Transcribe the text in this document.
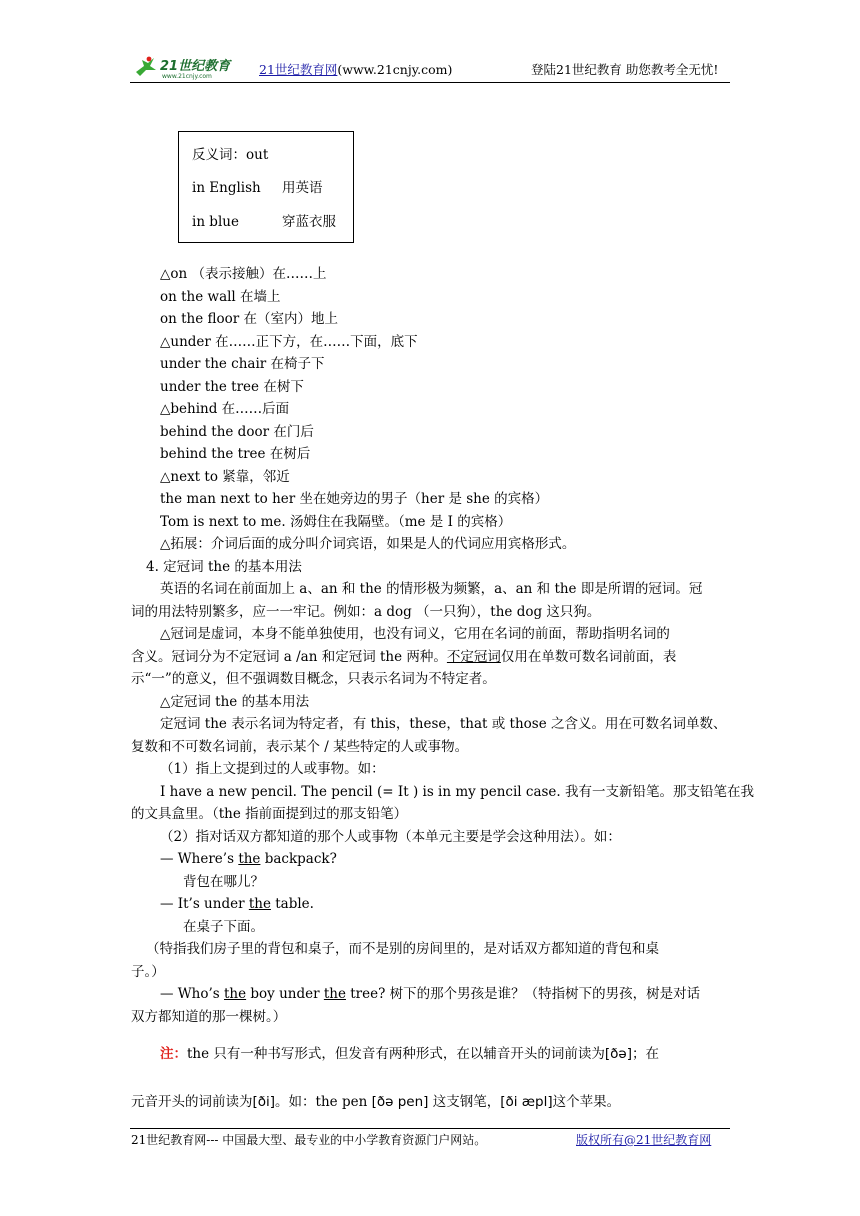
21世纪教育
www.21cnjy.com	21世纪教育网(www.21cnjy.com)	登陆21世纪教育 助您教考全无忧!
反义词：out
in English 用英语
in blue	穿蓝衣服
△on （表示接触）在……上
on the wall 在墙上
on the floor 在（室内）地上
△under 在……正下方，在……下面，底下
under the chair 在椅子下
under the tree 在树下
△behind 在……后面
behind the door 在门后
behind the tree 在树后
△next to 紧靠，邻近
the man next to her 坐在她旁边的男子（her 是 she 的宾格）
Tom is next to me. 汤姆住在我隔壁。（me 是 I 的宾格）
△拓展：介词后面的成分叫介词宾语，如果是人的代词应用宾格形式。
4. 定冠词 the 的基本用法
英语的名词在前面加上 a、an 和 the 的情形极为频繁，a、an 和 the 即是所谓的冠词。冠
词的用法特别繁多，应一一牢记。例如：a dog （一只狗），the dog 这只狗。
△冠词是虚词，本身不能单独使用，也没有词义，它用在名词的前面，帮助指明名词的
含义。冠词分为不定冠词 a /an 和定冠词 the 两种。不定冠词仅用在单数可数名词前面，表
示“一”的意义，但不强调数目概念，只表示名词为不特定者。
△定冠词 the 的基本用法
定冠词 the 表示名词为特定者，有 this，these，that 或 those 之含义。用在可数名词单数、
复数和不可数名词前，表示某个 / 某些特定的人或事物。
（1）指上文提到过的人或事物。如：
I have a new pencil. The pencil (= It ) is in my pencil case. 我有一支新铅笔。那支铅笔在我
的文具盒里。（the 指前面提到过的那支铅笔）
（2）指对话双方都知道的那个人或事物（本单元主要是学会这种用法）。如：
— Where’s the backpack?
背包在哪儿？
— It’s under the table.
在桌子下面。
（特指我们房子里的背包和桌子，而不是别的房间里的，是对话双方都知道的背包和桌
子。）
— Who’s the boy under the tree? 树下的那个男孩是谁？（特指树下的男孩，树是对话
双方都知道的那一棵树。）
注：the 只有一种书写形式，但发音有两种形式，在以辅音开头的词前读为[ðə]；在
元音开头的词前读为[ði]。如：the pen [ðə pen] 这支钢笔，[ði æpl]这个苹果。
21世纪教育网--- 中国最大型、最专业的中小学教育资源门户网站。	版权所有@21世纪教育网
